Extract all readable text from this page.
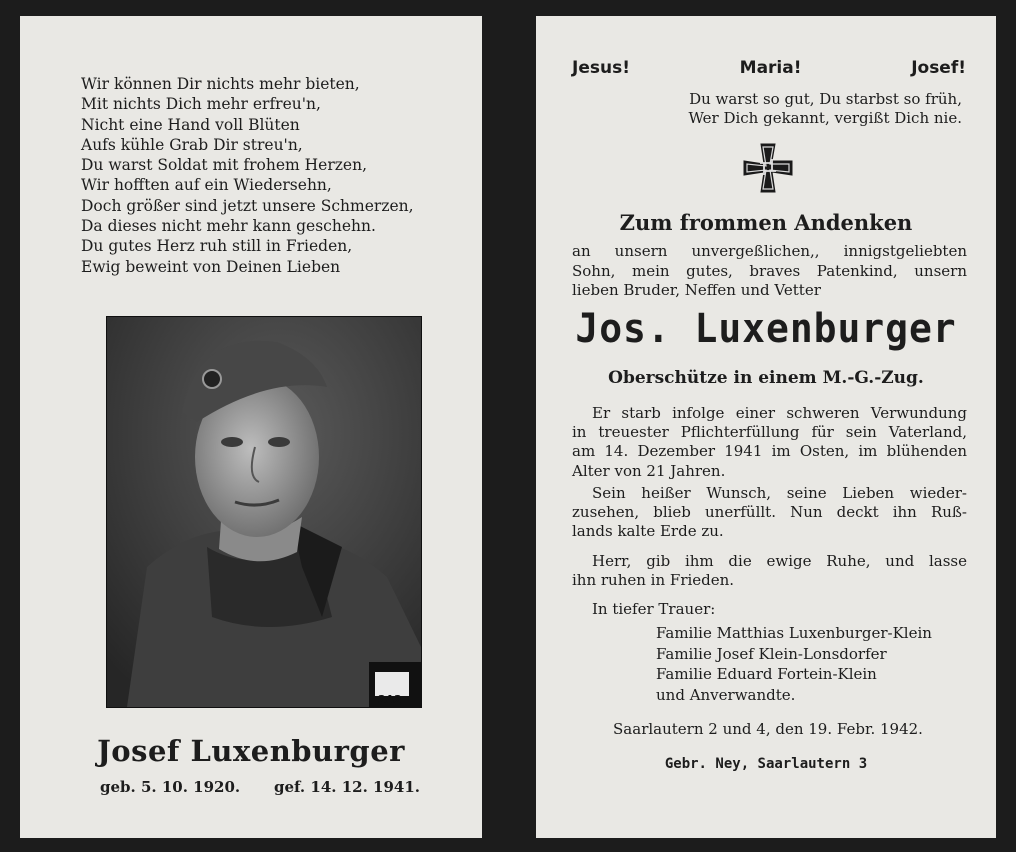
Wir können Dir nichts mehr bieten,
Mit nichts Dich mehr erfreu'n,
Nicht eine Hand voll Blüten
Aufs kühle Grab Dir streu'n,
Du warst Soldat mit frohem Herzen,
Wir hofften auf ein Wiedersehn,
Doch größer sind jetzt unsere Schmerzen,
Da dieses nicht mehr kann geschehn.
Du gutes Herz ruh still in Frieden,
Ewig beweint von Deinen Lieben
2A2
Josef Luxenburger
geb. 5. 10. 1920. gef. 14. 12. 1941.
Jesus!	Maria!	Josef!
Du warst so gut, Du starbst so früh,
Wer Dich gekannt, vergißt Dich nie.
Zum frommen Andenken
an unsern unvergeßlichen,, innigstgeliebten
Sohn, mein gutes, braves Patenkind, unsern
lieben Bruder, Neffen und Vetter
Jos. Luxenburger
Oberschütze in einem M.-G.-Zug.
Er starb infolge einer schweren Verwundung
in treuester Pflichterfüllung für sein Vaterland,
am 14. Dezember 1941 im Osten, im blühenden
Alter von 21 Jahren.
Sein heißer Wunsch, seine Lieben wieder-
zusehen, blieb unerfüllt. Nun deckt ihn Ruß-
lands kalte Erde zu.
Herr, gib ihm die ewige Ruhe, und lasse
ihn ruhen in Frieden.
In tiefer Trauer:
Familie Matthias Luxenburger-Klein
Familie Josef Klein-Lonsdorfer
Familie Eduard Fortein-Klein
und Anverwandte.
Saarlautern 2 und 4, den 19. Febr. 1942.
Gebr. Ney, Saarlautern 3
